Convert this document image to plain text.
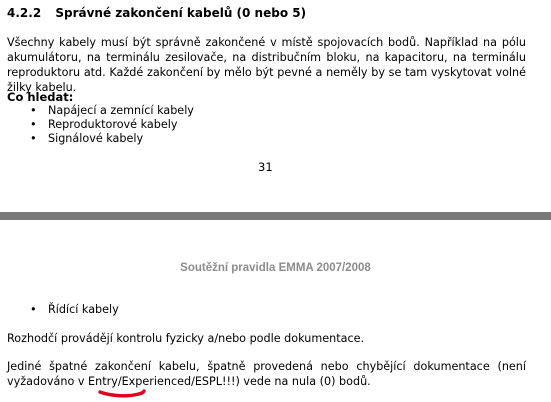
4.2.2 Správné zakončení kabelů (0 nebo 5)

Všechny kabely musí být správně zakončené v místě spojovacích bodů. Například na pólu akumulátoru, na terminálu zesilovače, na distribučním bloku, na kapacitoru, na terminálu reproduktoru atd. Každé zakončení by mělo být pevné a neměly by se tam vyskytovat volné žilky kabelu.

Co hledat:
• Napájecí a zemnící kabely
• Reproduktorové kabely
• Signálové kabely
31
Soutěžní pravidla EMMA 2007/2008
• Řídící kabely

Rozhodčí provádějí kontrolu fyzicky a/nebo podle dokumentace.

Jediné špatné zakončení kabelu, špatně provedená nebo chybějící dokumentace (není vyžadováno v Entry/Experienced/ESPL!!!) vede na nula (0) bodů.
